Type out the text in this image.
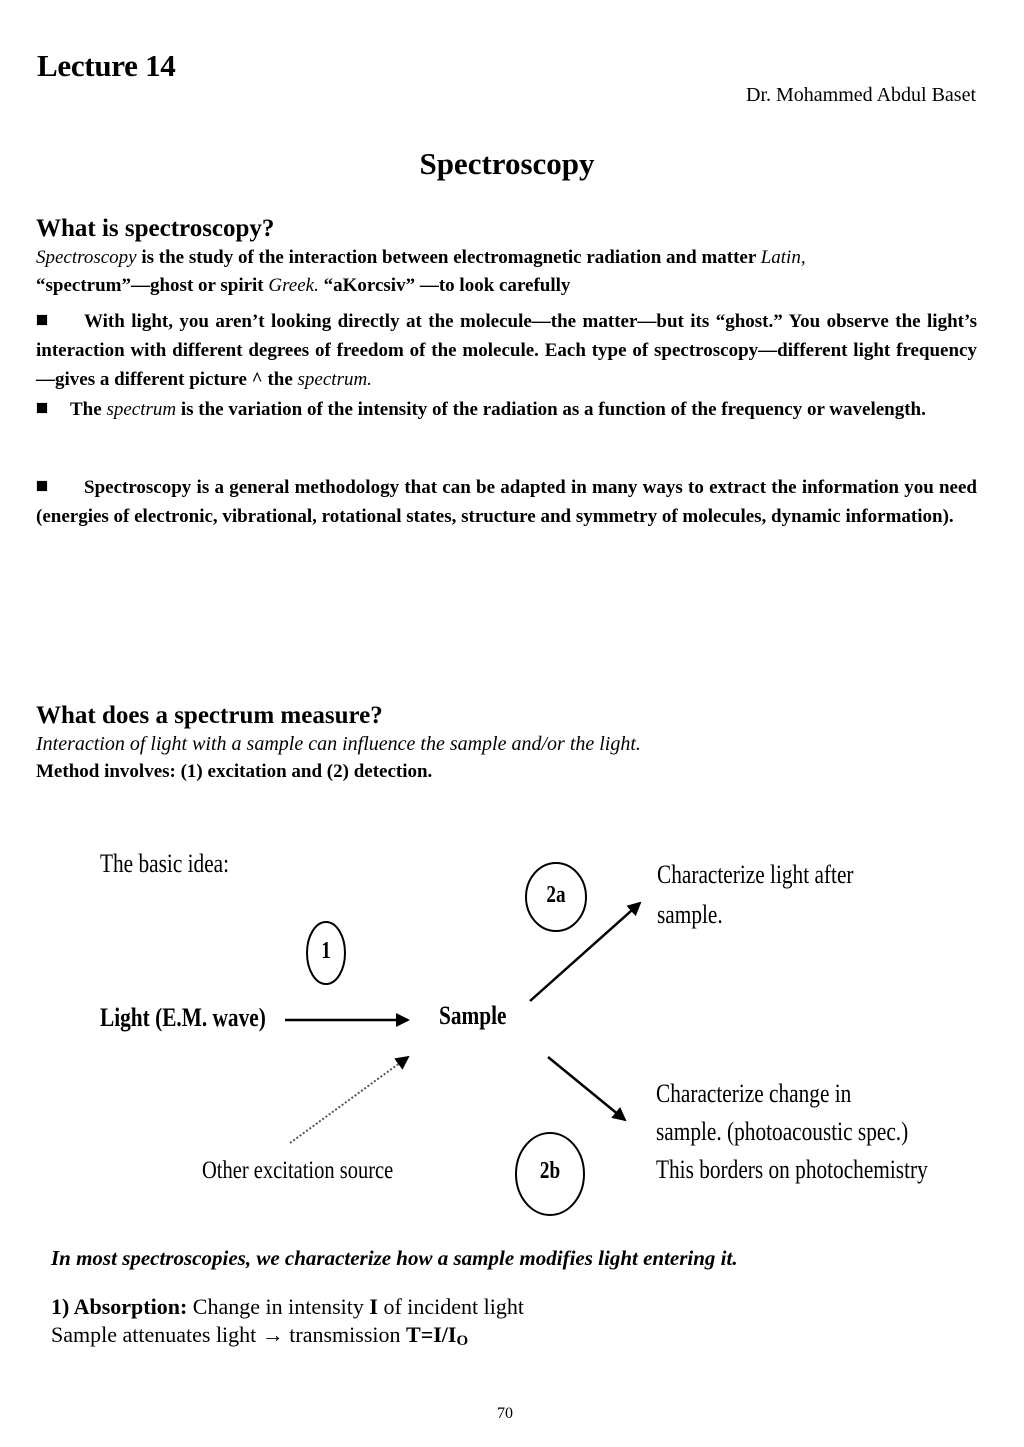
Lecture 14
Dr. Mohammed Abdul Baset
Spectroscopy
What is spectroscopy?
Spectroscopy is the study of the interaction between electromagnetic radiation and matter Latin,
“spectrum”—ghost or spirit Greek. “aKorcsiv” —to look carefully
With light, you aren’t looking directly at the molecule—the matter—but its “ghost.” You observe the light’s interaction with different degrees of freedom of the molecule. Each type of spectroscopy—different light frequency—gives a different picture ^ the spectrum.
The spectrum is the variation of the intensity of the radiation as a function of the frequency or wavelength.
Spectroscopy is a general methodology that can be adapted in many ways to extract the information you need (energies of electronic, vibrational, rotational states, structure and symmetry of molecules, dynamic information).
What does a spectrum measure?
Interaction of light with a sample can influence the sample and/or the light.
Method involves: (1) excitation and (2) detection.
The basic idea:
Light (E.M. wave)	Sample
Other excitation source
1
2a
2b
Characterize light after
sample.
Characterize change in
sample. (photoacoustic spec.)
This borders on photochemistry
In most spectroscopies, we characterize how a sample modifies light entering it.
1) Absorption: Change in intensity I of incident light
Sample attenuates light → transmission $T=I/I_O$
70
